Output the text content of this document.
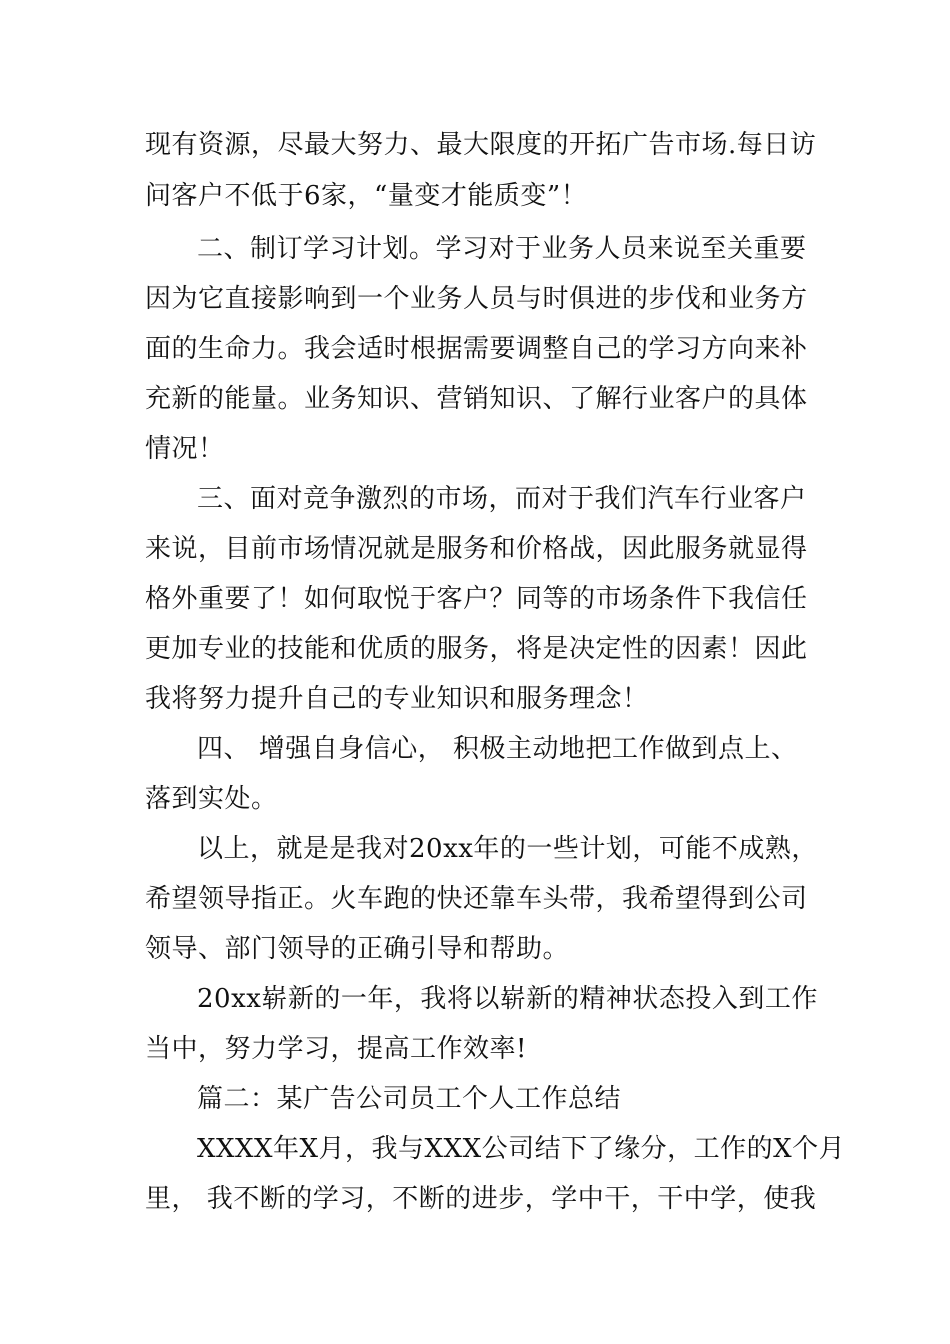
现有资源，尽最大努力、最大限度的开拓广告市场.每日访
问客户不低于6家，“量变才能质变”！
二、制订学习计划。学习对于业务人员来说至关重要
因为它直接影响到一个业务人员与时俱进的步伐和业务方
面的生命力。我会适时根据需要调整自己的学习方向来补
充新的能量。业务知识、营销知识、了解行业客户的具体
情况！
三、面对竞争激烈的市场，而对于我们汽车行业客户
来说，目前市场情况就是服务和价格战，因此服务就显得
格外重要了！如何取悦于客户？同等的市场条件下我信任
更加专业的技能和优质的服务，将是决定性的因素！因此
我将努力提升自己的专业知识和服务理念！
四、 增强自身信心， 积极主动地把工作做到点上、
落到实处。
以上，就是是我对20xx年的一些计划，可能不成熟，
希望领导指正。火车跑的快还靠车头带，我希望得到公司
领导、部门领导的正确引导和帮助。
20xx崭新的一年，我将以崭新的精神状态投入到工作
当中，努力学习，提高工作效率!
篇二：某广告公司员工个人工作总结
XXXX年X月，我与XXX公司结下了缘分，工作的X个月
里， 我不断的学习，不断的进步，学中干，干中学，使我
